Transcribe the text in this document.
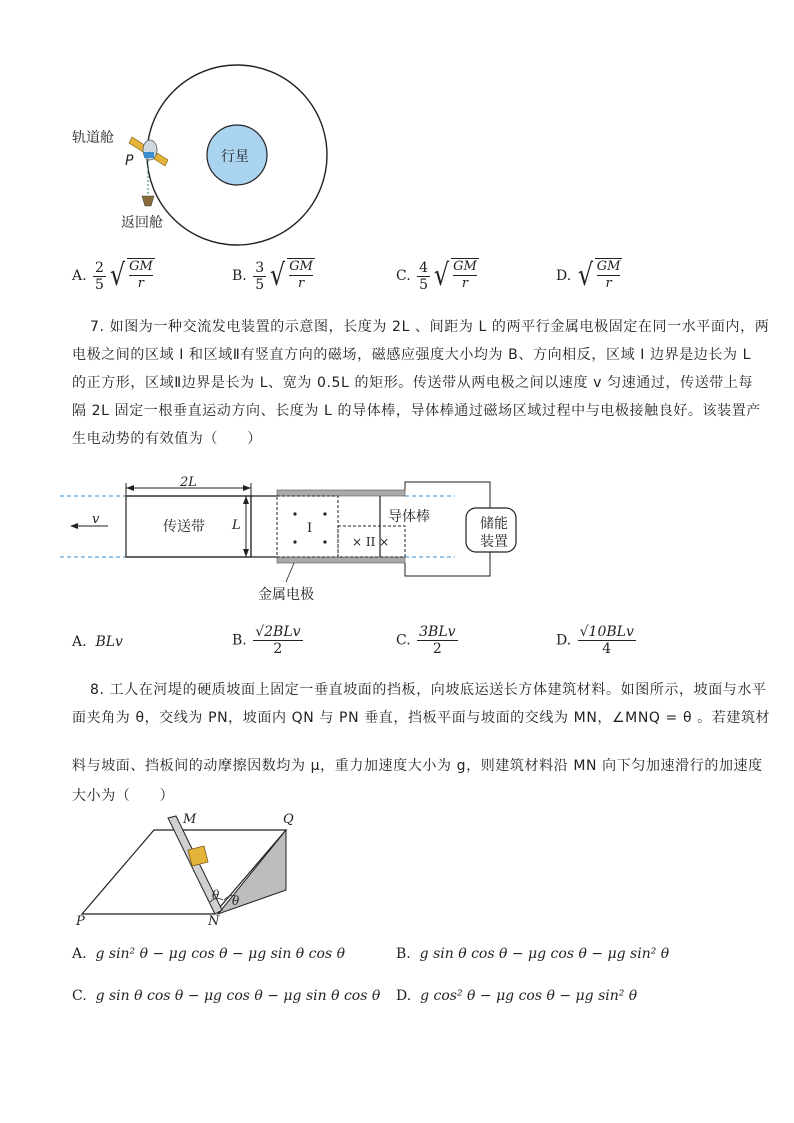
轨道舱
P	行星
返回舱
A. $\frac{2}{5}$ √ $\frac{GM}{r}$	B. $\frac{3}{5}$ √ $\frac{GM}{r}$	C. $\frac{4}{5}$ √ $\frac{GM}{r}$	D. √ $\frac{GM}{r}$
7. 如图为一种交流发电装置的示意图，长度为 2L 、间距为 L 的两平行金属电极固定在同一水平面内，两
电极之间的区域 I 和区域Ⅱ有竖直方向的磁场，磁感应强度大小均为 B、方向相反，区域 I 边界是边长为 L
的正方形，区域Ⅱ边界是长为 L、宽为 0.5L 的矩形。传送带从两电极之间以速度 v 匀速通过，传送带上每
隔 2L 固定一根垂直运动方向、长度为 L 的导体棒，导体棒通过磁场区域过程中与电极接触良好。该装置产
生电动势的有效值为（　　）
2L
v	传送带 L	I
× II ×
导体棒	储能
装置
金属电极
A. BLv	B. $\frac{\text{√2BLv}}{2}$	C. $\frac{\text{3BLv}}{2}$	D. $\frac{\text{√10BLv}}{4}$
8. 工人在河堤的硬质坡面上固定一垂直坡面的挡板，向坡底运送长方体建筑材料。如图所示，坡面与水平
面夹角为 θ，交线为 PN，坡面内 QN 与 PN 垂直，挡板平面与坡面的交线为 MN，∠MNQ = θ 。若建筑材
料与坡面、挡板间的动摩擦因数均为 μ，重力加速度大小为 g，则建筑材料沿 MN 向下匀加速滑行的加速度
大小为（　　）
M	Q
P	N
θ θ
A. g sin² θ − μg cos θ − μg sin θ cos θ	B. g sin θ cos θ − μg cos θ − μg sin² θ
C. g sin θ cos θ − μg cos θ − μg sin θ cos θ D. g cos² θ − μg cos θ − μg sin² θ
